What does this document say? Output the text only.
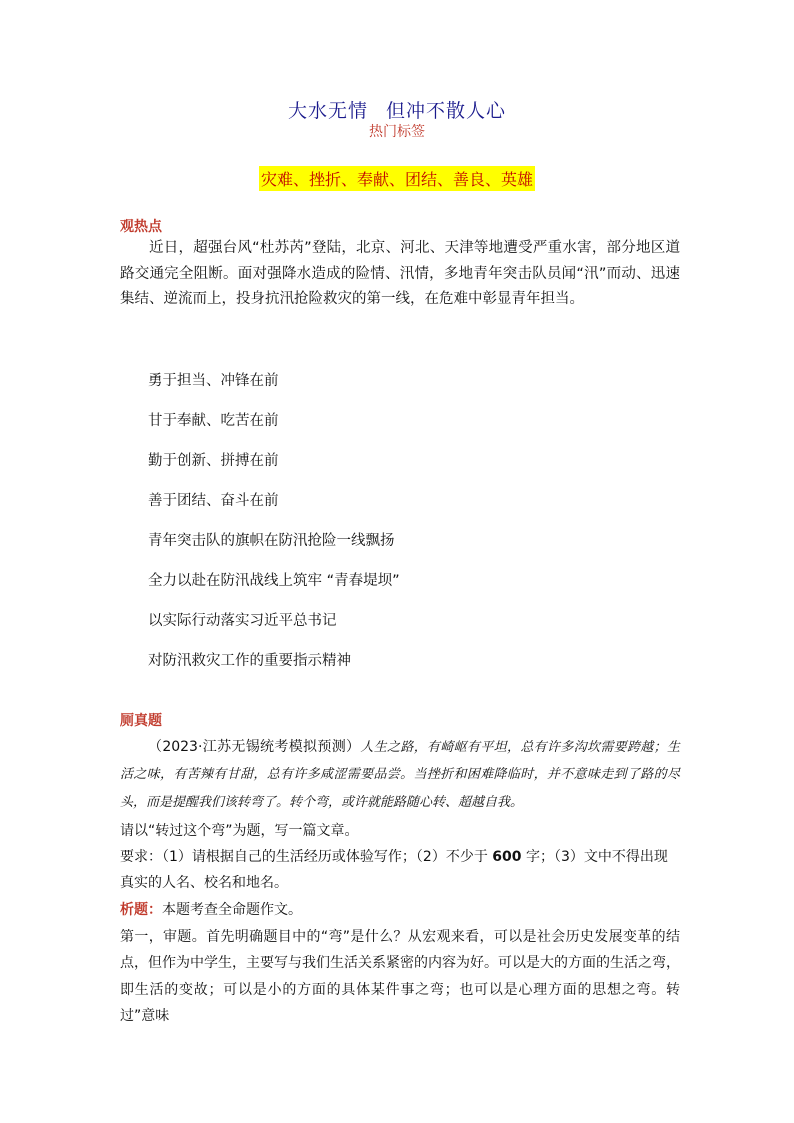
大水无情 但冲不散人心
热门标签
灾难、挫折、奉献、团结、善良、英雄
观热点
近日，超强台风“杜苏芮”登陆，北京、河北、天津等地遭受严重水害，部分地区道路交通完全阻断。面对强降水造成的险情、汛情，多地青年突击队员闻“汛”而动、迅速集结、逆流而上，投身抗汛抢险救灾的第一线，在危难中彰显青年担当。
勇于担当、冲锋在前
甘于奉献、吃苦在前
勤于创新、拼搏在前
善于团结、奋斗在前
青年突击队的旗帜在防汛抢险一线飘扬
全力以赴在防汛战线上筑牢 “青春堤坝”
以实际行动落实习近平总书记
对防汛救灾工作的重要指示精神
厕真题
（2023·江苏无锡统考模拟预测）人生之路，有崎岖有平坦，总有许多沟坎需要跨越；生活之味，有苦辣有甘甜，总有许多咸涩需要品尝。当挫折和困难降临时，并不意味走到了路的尽头，而是提醒我们该转弯了。转个弯，或许就能路随心转、超越自我。
请以“转过这个弯”为题，写一篇文章。
要求：（1）请根据自己的生活经历或体验写作；（2）不少于 600 字；（3）文中不得出现
真实的人名、校名和地名。
析题：本题考查全命题作文。
第一，审题。首先明确题目中的“弯”是什么？从宏观来看，可以是社会历史发展变革的结点，但作为中学生，主要写与我们生活关系紧密的内容为好。可以是大的方面的生活之弯，即生活的变故；可以是小的方面的具体某件事之弯；也可以是心理方面的思想之弯。转过”意味
